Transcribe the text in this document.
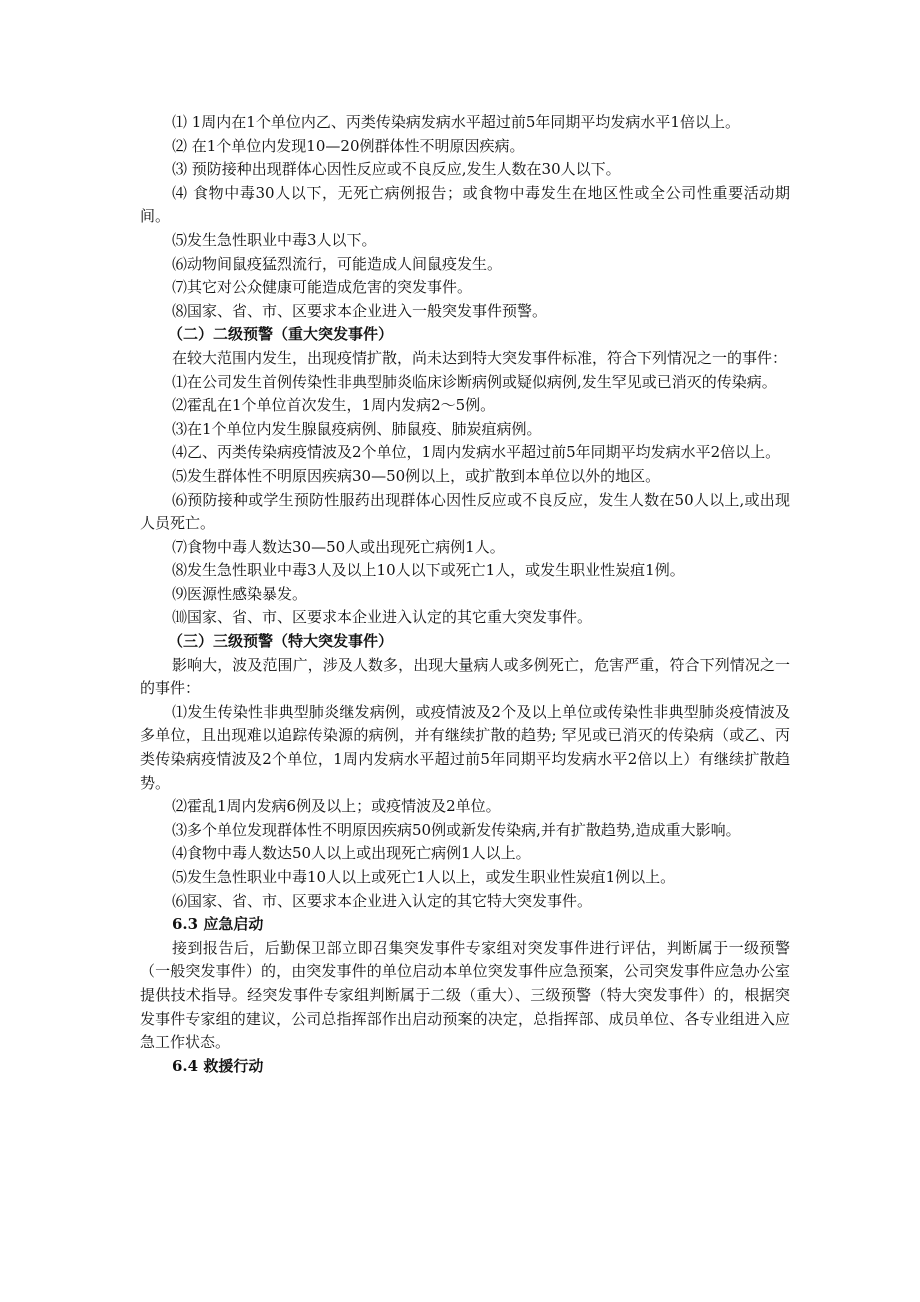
⑴ 1周内在1个单位内乙、丙类传染病发病水平超过前5年同期平均发病水平1倍以上。

⑵ 在1个单位内发现10—20例群体性不明原因疾病。

⑶ 预防接种出现群体心因性反应或不良反应,发生人数在30人以下。

⑷ 食物中毒30人以下，无死亡病例报告；或食物中毒发生在地区性或全公司性重要活动期间。

⑸发生急性职业中毒3人以下。

⑹动物间鼠疫猛烈流行，可能造成人间鼠疫发生。

⑺其它对公众健康可能造成危害的突发事件。

⑻国家、省、市、区要求本企业进入一般突发事件预警。

（二）二级预警（重大突发事件）

在较大范围内发生，出现疫情扩散，尚未达到特大突发事件标准，符合下列情况之一的事件：

⑴在公司发生首例传染性非典型肺炎临床诊断病例或疑似病例,发生罕见或已消灭的传染病。

⑵霍乱在1个单位首次发生，1周内发病2～5例。

⑶在1个单位内发生腺鼠疫病例、肺鼠疫、肺炭疽病例。

⑷乙、丙类传染病疫情波及2个单位，1周内发病水平超过前5年同期平均发病水平2倍以上。

⑸发生群体性不明原因疾病30—50例以上，或扩散到本单位以外的地区。

⑹预防接种或学生预防性服药出现群体心因性反应或不良反应，发生人数在50人以上,或出现人员死亡。

⑺食物中毒人数达30—50人或出现死亡病例1人。

⑻发生急性职业中毒3人及以上10人以下或死亡1人，或发生职业性炭疽1例。

⑼医源性感染暴发。

⑽国家、省、市、区要求本企业进入认定的其它重大突发事件。

（三）三级预警（特大突发事件）

影响大，波及范围广，涉及人数多，出现大量病人或多例死亡，危害严重，符合下列情况之一的事件：

⑴发生传染性非典型肺炎继发病例，或疫情波及2个及以上单位或传染性非典型肺炎疫情波及多单位，且出现难以追踪传染源的病例，并有继续扩散的趋势; 罕见或已消灭的传染病（或乙、丙类传染病疫情波及2个单位，1周内发病水平超过前5年同期平均发病水平2倍以上）有继续扩散趋势。

⑵霍乱1周内发病6例及以上；或疫情波及2单位。

⑶多个单位发现群体性不明原因疾病50例或新发传染病,并有扩散趋势,造成重大影响。

⑷食物中毒人数达50人以上或出现死亡病例1人以上。

⑸发生急性职业中毒10人以上或死亡1人以上，或发生职业性炭疽1例以上。

⑹国家、省、市、区要求本企业进入认定的其它特大突发事件。

6.3 应急启动

接到报告后，后勤保卫部立即召集突发事件专家组对突发事件进行评估，判断属于一级预警（一般突发事件）的，由突发事件的单位启动本单位突发事件应急预案，公司突发事件应急办公室提供技术指导。经突发事件专家组判断属于二级（重大）、三级预警（特大突发事件）的，根据突发事件专家组的建议，公司总指挥部作出启动预案的决定，总指挥部、成员单位、各专业组进入应急工作状态。

6.4 救援行动
